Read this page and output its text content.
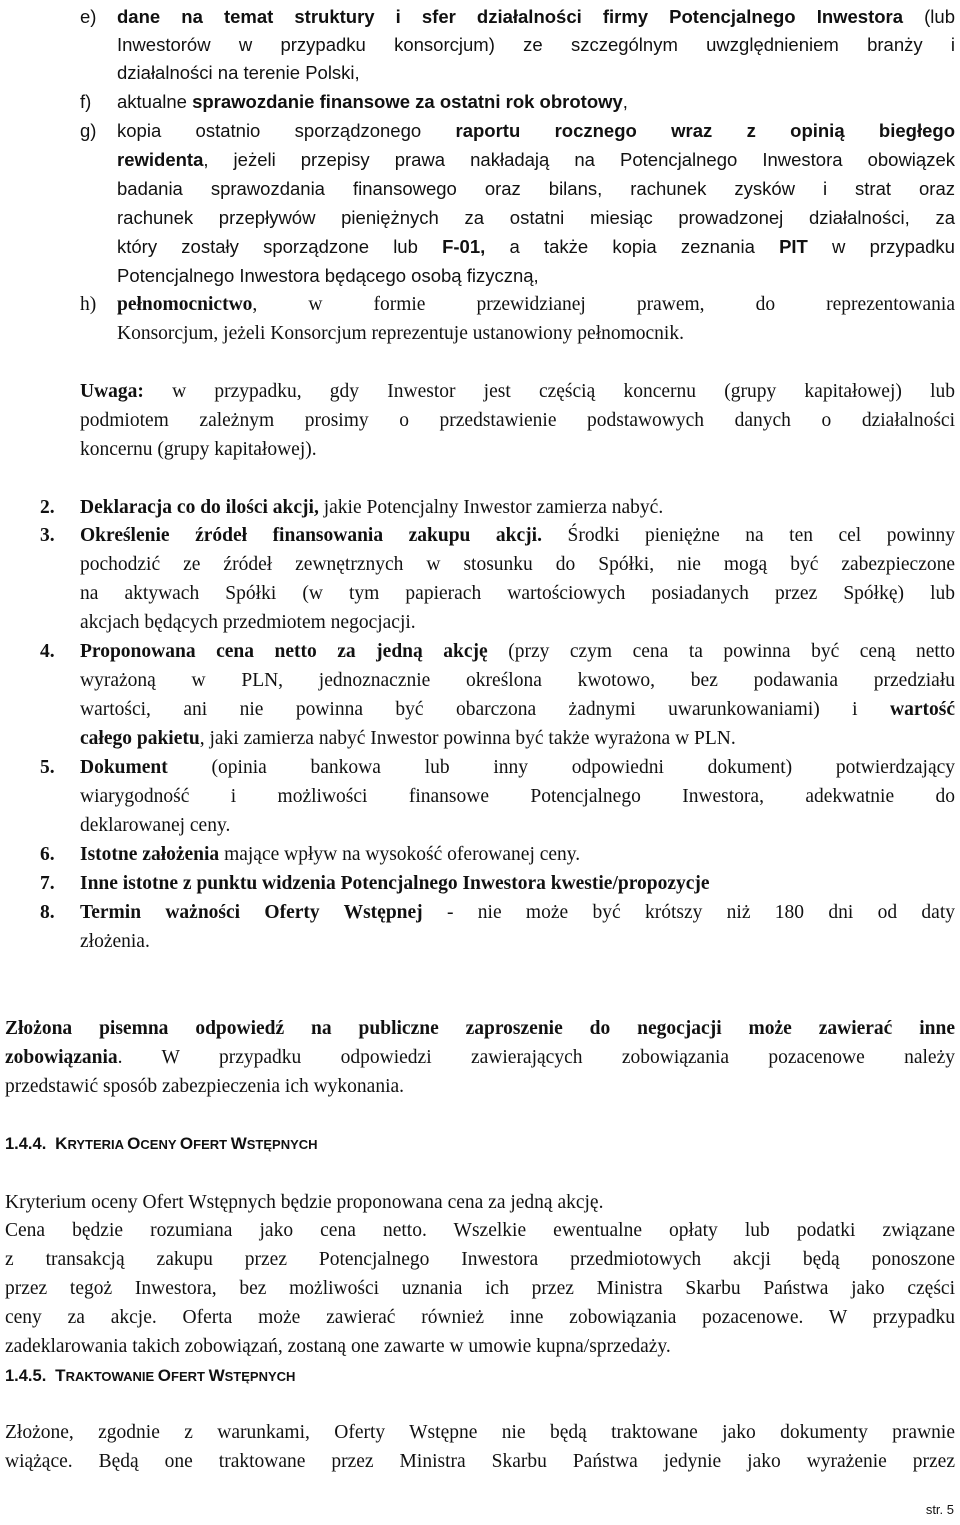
e) dane na temat struktury i sfer działalności firmy Potencjalnego Inwestora (lub
Inwestorów w przypadku konsorcjum) ze szczególnym uwzględnieniem branży i
działalności na terenie Polski,
f) aktualne sprawozdanie finansowe za ostatni rok obrotowy,
g) kopia ostatnio sporządzonego raportu rocznego wraz z opinią biegłego
rewidenta, jeżeli przepisy prawa nakładają na Potencjalnego Inwestora obowiązek
badania sprawozdania finansowego oraz bilans, rachunek zysków i strat oraz
rachunek przepływów pieniężnych za ostatni miesiąc prowadzonej działalności, za
który zostały sporządzone lub F-01, a także kopia zeznania PIT w przypadku
Potencjalnego Inwestora będącego osobą fizyczną,
h) pełnomocnictwo, w formie przewidzianej prawem, do reprezentowania
Konsorcjum, jeżeli Konsorcjum reprezentuje ustanowiony pełnomocnik.
Uwaga: w przypadku, gdy Inwestor jest częścią koncernu (grupy kapitałowej) lub
podmiotem zależnym prosimy o przedstawienie podstawowych danych o działalności
koncernu (grupy kapitałowej).
2. Deklaracja co do ilości akcji, jakie Potencjalny Inwestor zamierza nabyć.
3. Określenie źródeł finansowania zakupu akcji. Środki pieniężne na ten cel powinny
pochodzić ze źródeł zewnętrznych w stosunku do Spółki, nie mogą być zabezpieczone
na aktywach Spółki (w tym papierach wartościowych posiadanych przez Spółkę) lub
akcjach będących przedmiotem negocjacji.
4. Proponowana cena netto za jedną akcję (przy czym cena ta powinna być ceną netto
wyrażoną w PLN, jednoznacznie określona kwotowo, bez podawania przedziału
wartości, ani nie powinna być obarczona żadnymi uwarunkowaniami) i wartość
całego pakietu, jaki zamierza nabyć Inwestor powinna być także wyrażona w PLN.
5. Dokument (opinia bankowa lub inny odpowiedni dokument) potwierdzający
wiarygodność i możliwości finansowe Potencjalnego Inwestora, adekwatnie do
deklarowanej ceny.
6. Istotne założenia mające wpływ na wysokość oferowanej ceny.
7. Inne istotne z punktu widzenia Potencjalnego Inwestora kwestie/propozycje
8. Termin ważności Oferty Wstępnej - nie może być krótszy niż 180 dni od daty
złożenia.
Złożona pisemna odpowiedź na publiczne zaproszenie do negocjacji może zawierać inne
zobowiązania. W przypadku odpowiedzi zawierających zobowiązania pozacenowe należy
przedstawić sposób zabezpieczenia ich wykonania.
1.4.4. KRYTERIA OCENY OFERT WSTĘPNYCH
Kryterium oceny Ofert Wstępnych będzie proponowana cena za jedną akcję.
Cena będzie rozumiana jako cena netto. Wszelkie ewentualne opłaty lub podatki związane
z transakcją zakupu przez Potencjalnego Inwestora przedmiotowych akcji będą ponoszone
przez tegoż Inwestora, bez możliwości uznania ich przez Ministra Skarbu Państwa jako części
ceny za akcje. Oferta może zawierać również inne zobowiązania pozacenowe. W przypadku
zadeklarowania takich zobowiązań, zostaną one zawarte w umowie kupna/sprzedaży.
1.4.5. TRAKTOWANIE OFERT WSTĘPNYCH
Złożone, zgodnie z warunkami, Oferty Wstępne nie będą traktowane jako dokumenty prawnie
wiążące. Będą one traktowane przez Ministra Skarbu Państwa jedynie jako wyrażenie przez
str. 5
